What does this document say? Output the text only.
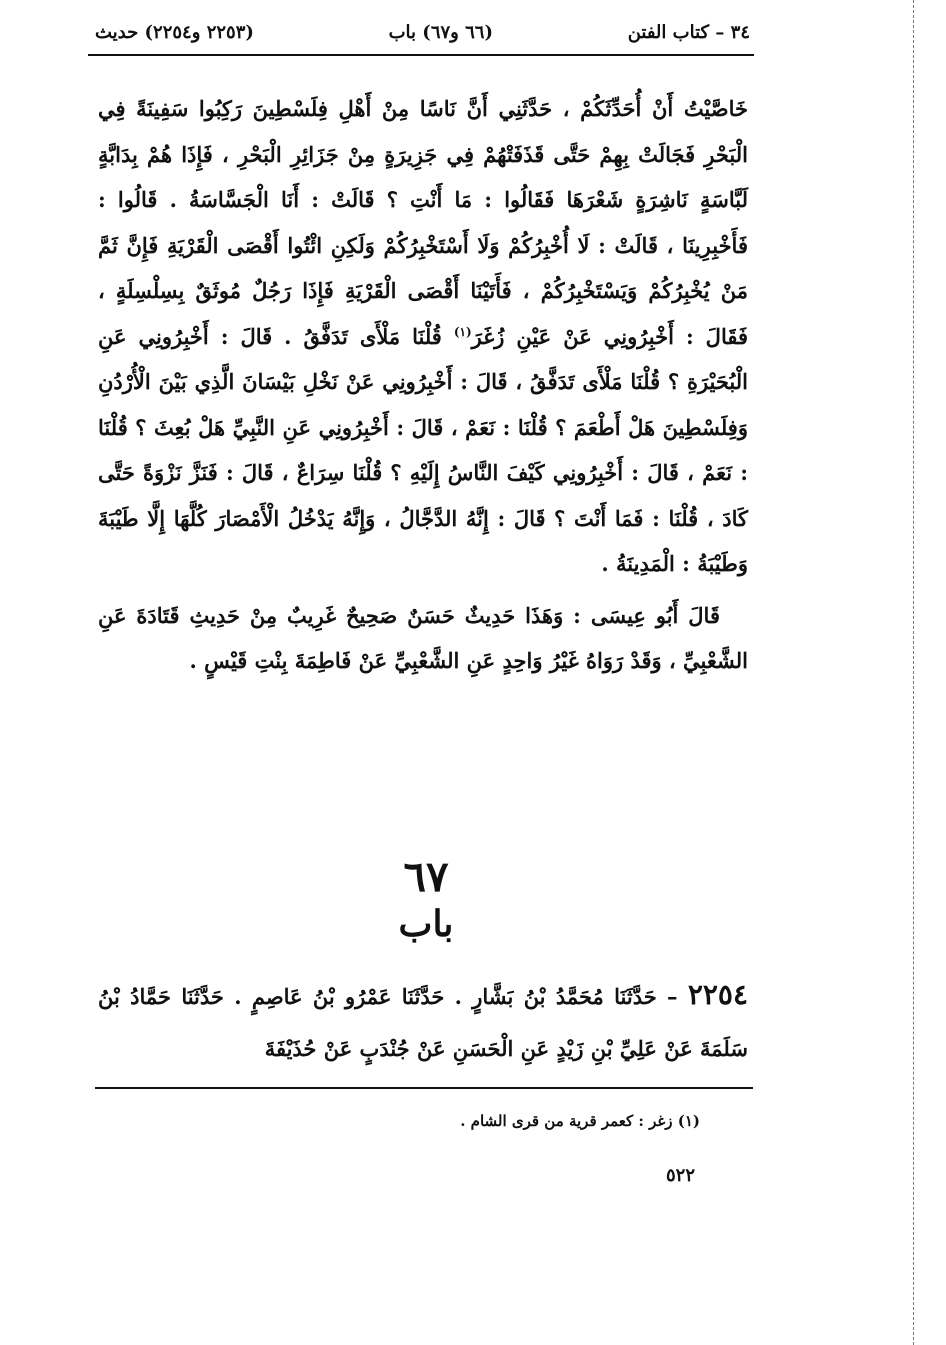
٣٤ – كتاب الفتن
(٦٦ و٦٧) باب
(٢٢٥٣ و٢٢٥٤) حديث

خَاصَّيْتُ أَنْ أُحَدِّثَكُمْ ، حَدَّثَنِي أَنَّ نَاسًا مِنْ أَهْلِ فِلَسْطِينَ رَكِبُوا سَفِينَةً فِي الْبَحْرِ فَجَالَتْ بِهِمْ حَتَّى قَذَفَتْهُمْ فِي جَزِيرَةٍ مِنْ جَزَائِرِ الْبَحْرِ ، فَإِذَا هُمْ بِدَابَّةٍ لَبَّاسَةٍ نَاشِرَةٍ شَعْرَهَا فَقَالُوا : مَا أَنْتِ ؟ قَالَتْ : أَنَا الْجَسَّاسَةُ . قَالُوا : فَأَخْبِرِينَا ، قَالَتْ : لَا أُخْبِرُكُمْ وَلَا أَسْتَخْبِرُكُمْ وَلَكِنِ ائْتُوا أَقْصَى الْقَرْيَةِ فَإِنَّ ثَمَّ مَنْ يُخْبِرُكُمْ وَيَسْتَخْبِرُكُمْ ، فَأَتَيْنَا أَقْصَى الْقَرْيَةِ فَإِذَا رَجُلٌ مُوثَقٌ بِسِلْسِلَةٍ ، فَقَالَ : أَخْبِرُونِي عَنْ عَيْنِ زُغَرَ$^{(١)}$ قُلْنَا مَلْأَى تَدَفَّقُ . قَالَ : أَخْبِرُونِي عَنِ الْبُحَيْرَةِ ؟ قُلْنَا مَلْأَى تَدَفَّقُ ، قَالَ : أَخْبِرُونِي عَنْ نَخْلِ بَيْسَانَ الَّذِي بَيْنَ الْأُرْدُنِ وَفِلَسْطِينَ هَلْ أَطْعَمَ ؟ قُلْنَا : نَعَمْ ، قَالَ : أَخْبِرُونِي عَنِ النَّبِيِّ هَلْ بُعِثَ ؟ قُلْنَا : نَعَمْ ، قَالَ : أَخْبِرُونِي كَيْفَ النَّاسُ إِلَيْهِ ؟ قُلْنَا سِرَاعٌ ، قَالَ : فَنَزَّ نَزْوَةً حَتَّى كَادَ ، قُلْنَا : فَمَا أَنْتَ ؟ قَالَ : إِنَّهُ الدَّجَّالُ ، وَإِنَّهُ يَدْخُلُ الْأَمْصَارَ كُلَّهَا إِلَّا طَيْبَةَ وَطَيْبَةُ : الْمَدِينَةُ .

قَالَ أَبُو عِيسَى : وَهَذَا حَدِيثٌ حَسَنٌ صَحِيحٌ غَرِيبٌ مِنْ حَدِيثِ قَتَادَةَ عَنِ الشَّعْبِيِّ ، وَقَدْ رَوَاهُ غَيْرُ وَاحِدٍ عَنِ الشَّعْبِيِّ عَنْ فَاطِمَةَ بِنْتِ قَيْسٍ .

٦٧
باب
٢٢٥٤ – حَدَّثَنَا مُحَمَّدُ بْنُ بَشَّارٍ . حَدَّثَنَا عَمْرُو بْنُ عَاصِمٍ . حَدَّثَنَا حَمَّادُ بْنُ سَلَمَةَ عَنْ عَلِيِّ بْنِ زَيْدٍ عَنِ الْحَسَنِ عَنْ جُنْدَبٍ عَنْ حُذَيْفَةَ
(١) زغر : كعمر قرية من قرى الشام .
٥٢٢
